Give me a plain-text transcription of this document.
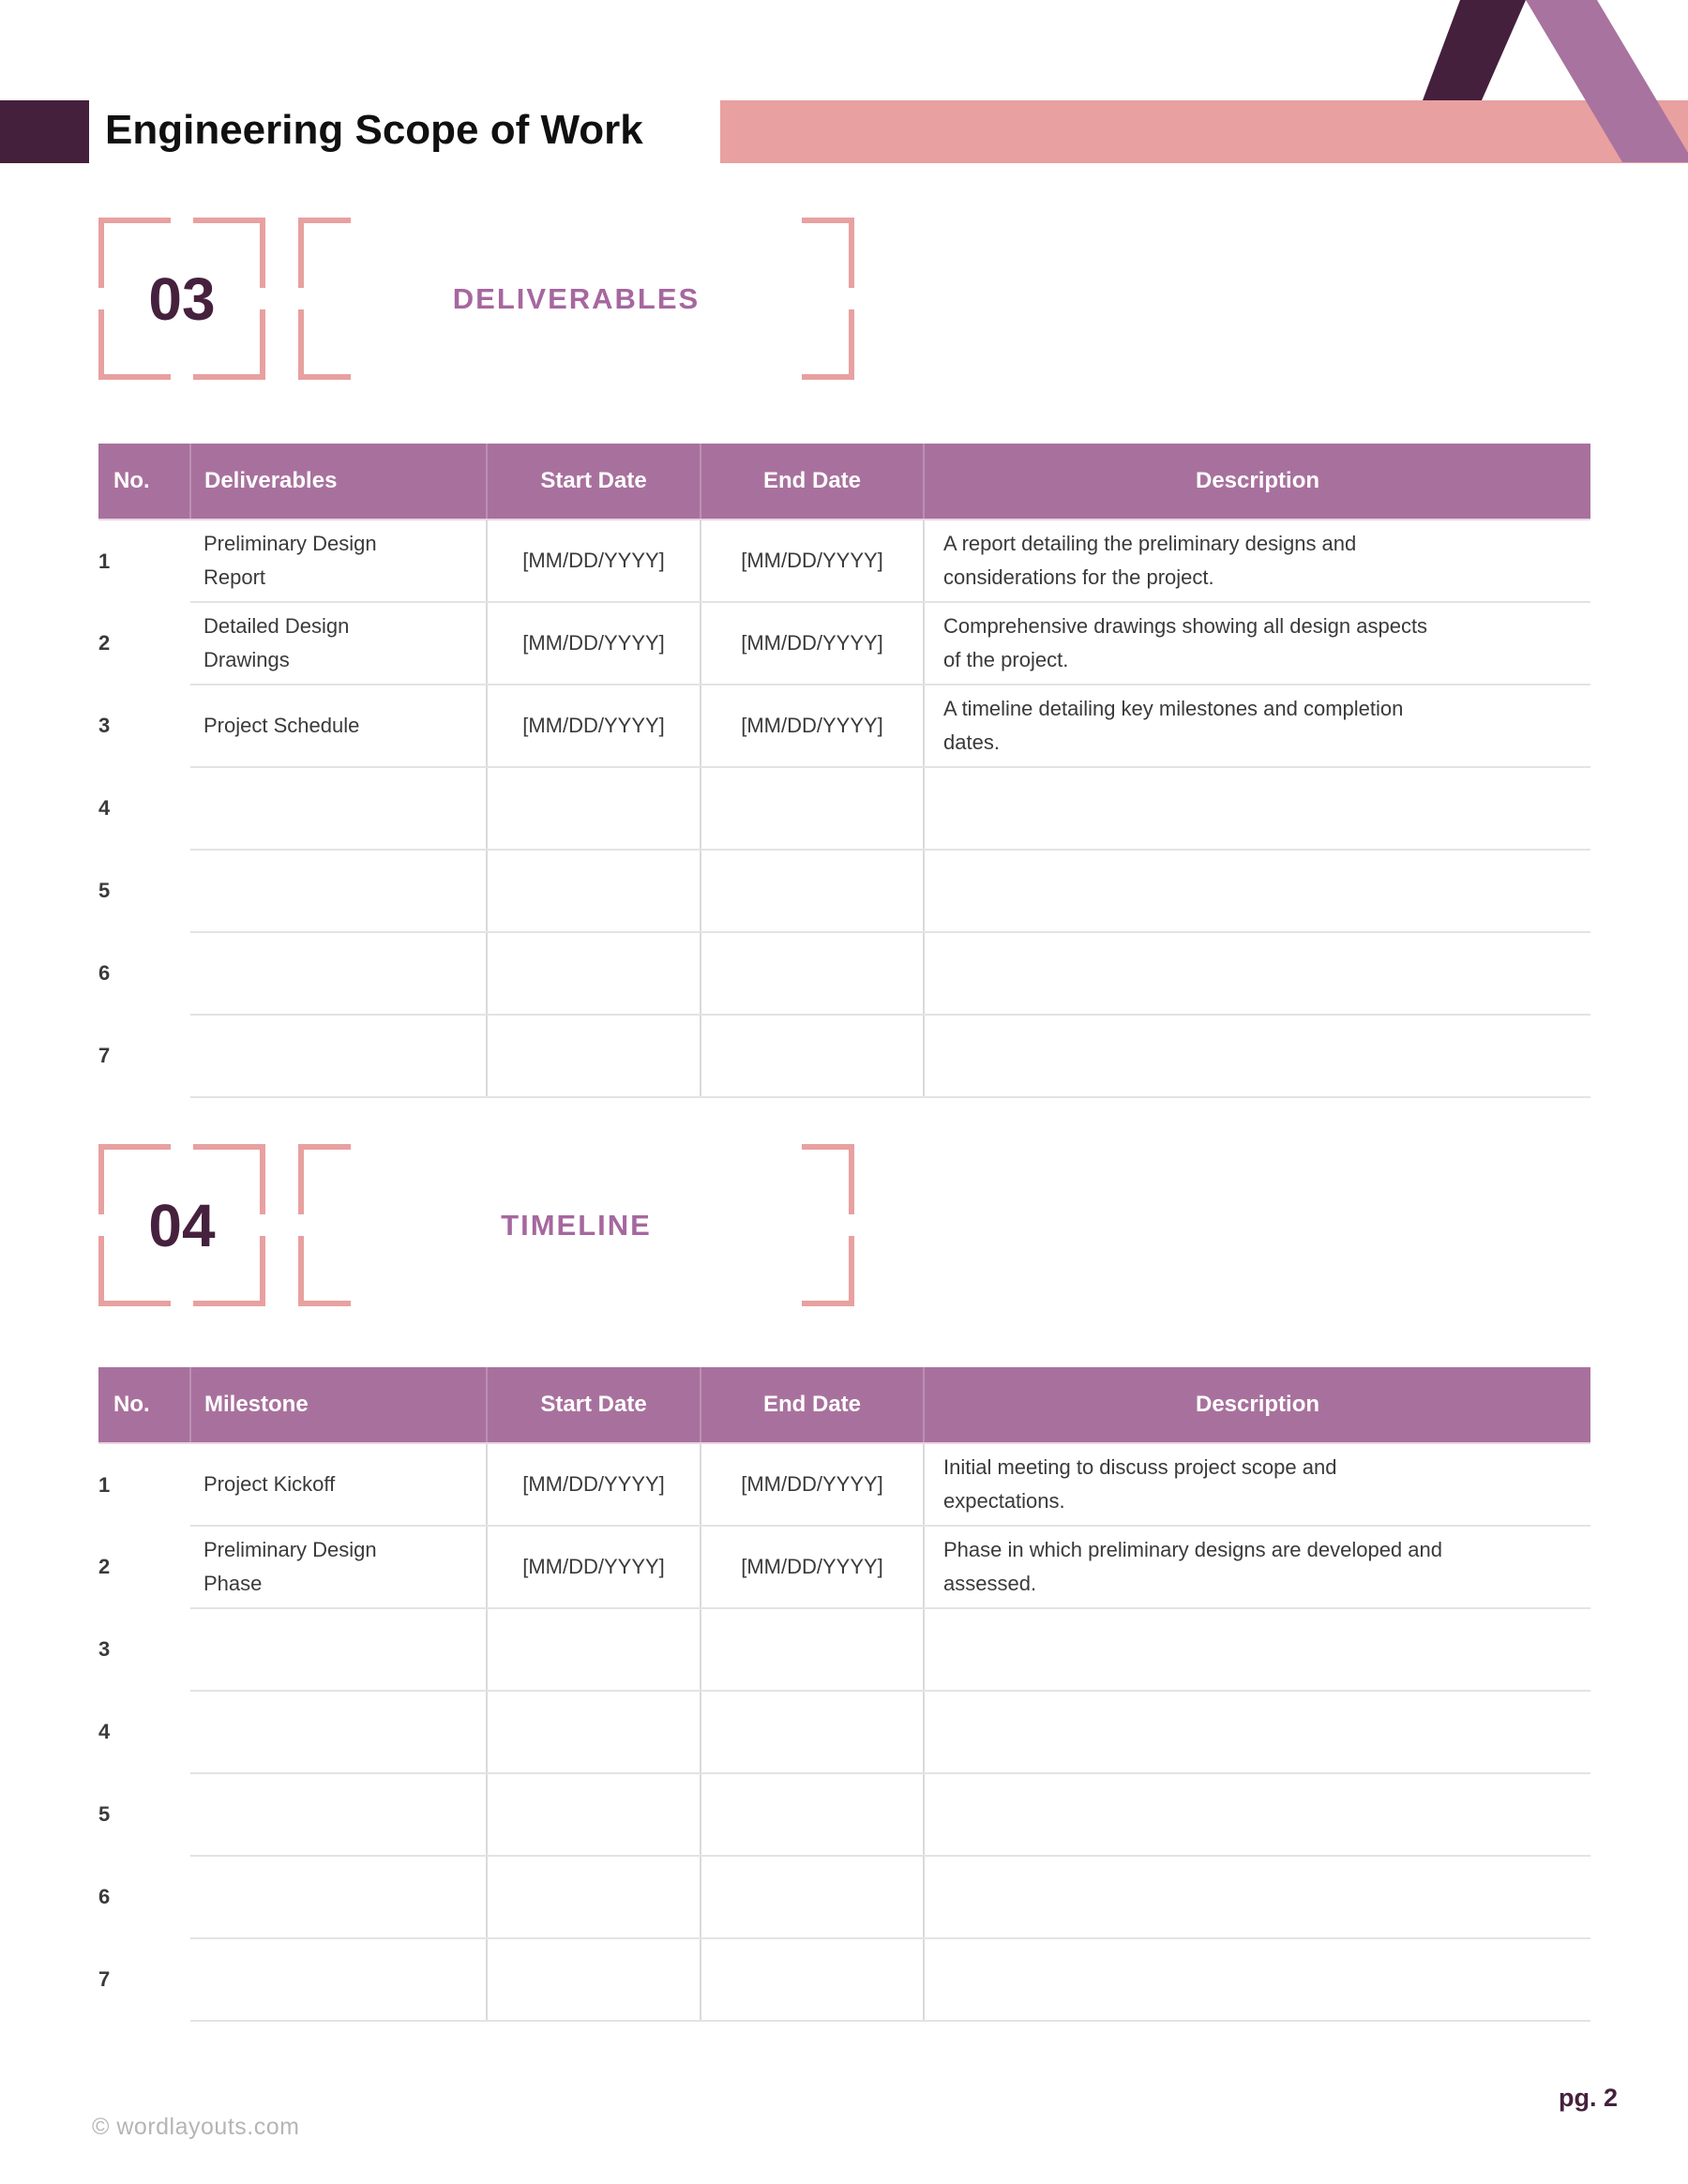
Engineering Scope of Work
03	DELIVERABLES
No.	Deliverables	Start Date	End Date	Description
1	Preliminary Design Report	[MM/DD/YYYY]	[MM/DD/YYYY]	A report detailing the preliminary designs and considerations for the project.

2	Detailed Design Drawings	[MM/DD/YYYY]	[MM/DD/YYYY]	Comprehensive drawings showing all design aspects of the project.

3	Project Schedule	[MM/DD/YYYY]	[MM/DD/YYYY]	A timeline detailing key milestones and completion dates.

4	

5	

6	

7	

04	TIMELINE
No.	Milestone	Start Date	End Date	Description
1	Project Kickoff	[MM/DD/YYYY]	[MM/DD/YYYY]	Initial meeting to discuss project scope and expectations.

2	Preliminary Design Phase	[MM/DD/YYYY]	[MM/DD/YYYY]	Phase in which preliminary designs are developed and assessed.

3	

4	

5	

6	

7	

pg. 2
© wordlayouts.com
